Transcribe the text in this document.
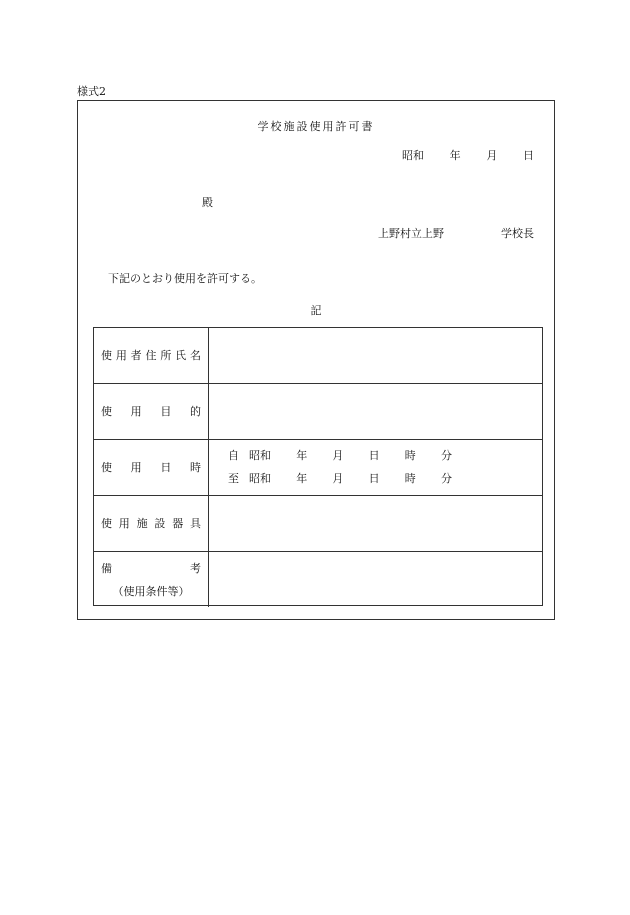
様式2
学校施設使用許可書
昭和 年 月 日
殿
上野村立上野	学校長
下記のとおり使用を許可する。
記
使 用 者 住 所 氏 名
使 用 目 的
使 用 日 時
自 昭和 年 月 日 時 分
至 昭和 年 月 日 時 分
使 用 施 設 器 具
備	考
（使用条件等）
